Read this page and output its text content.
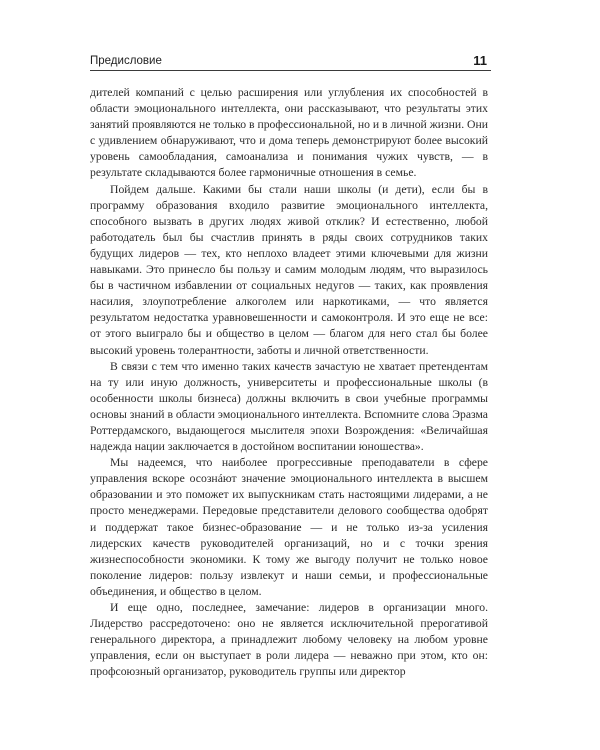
Предисловие	11

дителей компаний с целью расширения или углубления их способностей в области эмоционального интеллекта, они рассказывают, что результаты этих занятий проявляются не только в профессиональной, но и в личной жизни. Они с удивлением обнаруживают, что и дома теперь демонстрируют более высокий уровень самообладания, самоанализа и понимания чужих чувств, — в результате складываются более гармоничные отношения в семье.

Пойдем дальше. Какими бы стали наши школы (и дети), если бы в программу образования входило развитие эмоционального интеллекта, способного вызвать в других людях живой отклик? И естественно, любой работодатель был бы счастлив принять в ряды своих сотрудников таких будущих лидеров — тех, кто неплохо владеет этими ключевыми для жизни навыками. Это принесло бы пользу и самим молодым людям, что выразилось бы в частичном избавлении от социальных недугов — таких, как проявления насилия, злоупотребление алкоголем или наркотиками, — что является результатом недостатка уравновешенности и самоконтроля. И это еще не все: от этого выиграло бы и общество в целом — благом для него стал бы более высокий уровень толерантности, заботы и личной ответственности.

В связи с тем что именно таких качеств зачастую не хватает претендентам на ту или иную должность, университеты и профессиональные школы (в особенности школы бизнеса) должны включить в свои учебные программы основы знаний в области эмоционального интеллекта. Вспомните слова Эразма Роттердамского, выдающегося мыслителя эпохи Возрождения: «Величайшая надежда нации заключается в достойном воспитании юношества».

Мы надеемся, что наиболее прогрессивные преподаватели в сфере управления вскоре осознáют значение эмоционального интеллекта в высшем образовании и это поможет их выпускникам стать настоящими лидерами, а не просто менеджерами. Передовые представители делового сообщества одобрят и поддержат такое бизнес-образование — и не только из-за усиления лидерских качеств руководителей организаций, но и с точки зрения жизнеспособности экономики. К тому же выгоду получит не только новое поколение лидеров: пользу извлекут и наши семьи, и профессиональные объединения, и общество в целом.

И еще одно, последнее, замечание: лидеров в организации много. Лидерство рассредоточено: оно не является исключительной прерогативой генерального директора, а принадлежит любому человеку на любом уровне управления, если он выступает в роли лидера — неважно при этом, кто он: профсоюзный организатор, руководитель группы или директор
